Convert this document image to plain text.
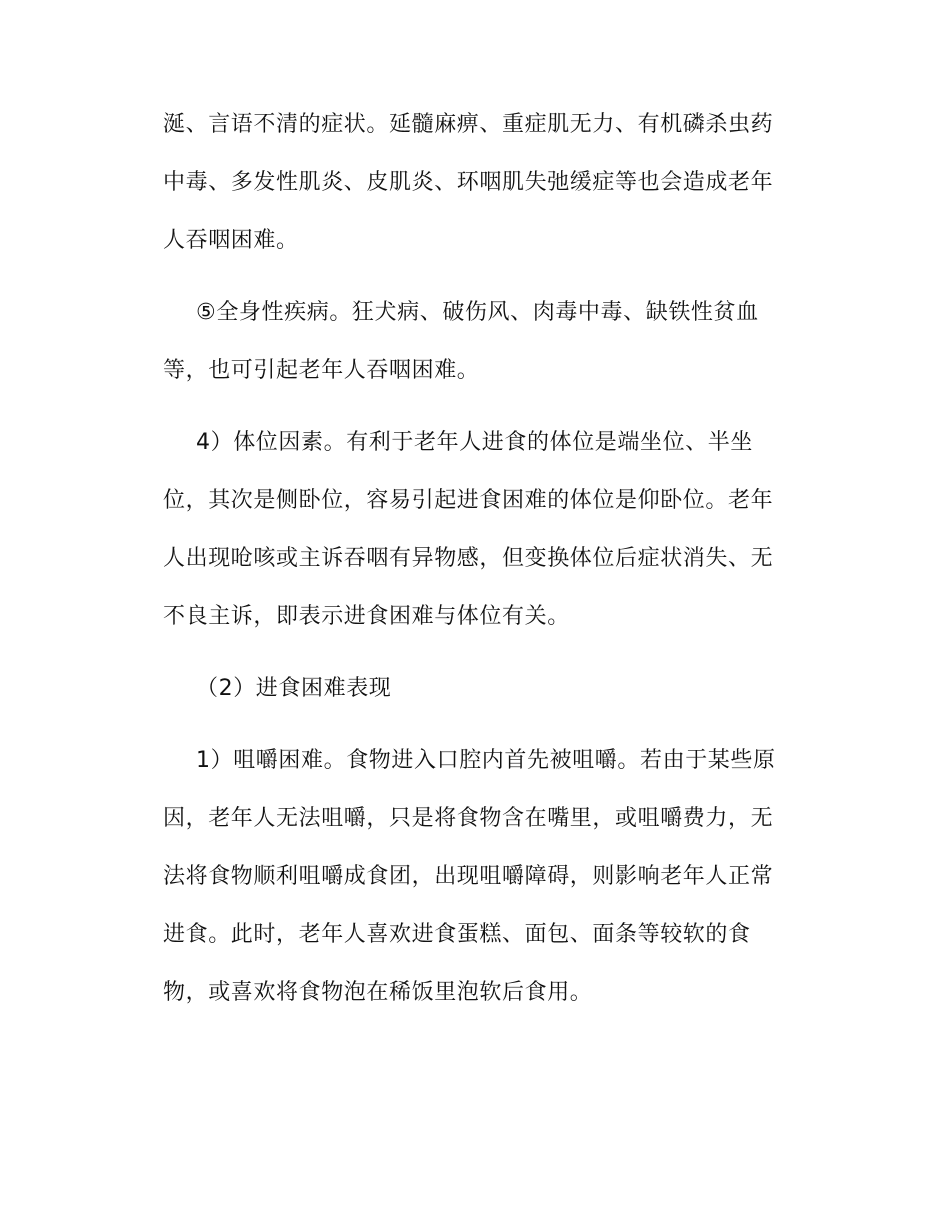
涎、言语不清的症状。延髓麻痹、重症肌无力、有机磷杀虫药
中毒、多发性肌炎、皮肌炎、环咽肌失弛缓症等也会造成老年
人吞咽困难。
⑤全身性疾病。狂犬病、破伤风、肉毒中毒、缺铁性贫血
等，也可引起老年人吞咽困难。
4）体位因素。有利于老年人进食的体位是端坐位、半坐
位，其次是侧卧位，容易引起进食困难的体位是仰卧位。老年
人出现呛咳或主诉吞咽有异物感，但变换体位后症状消失、无
不良主诉，即表示进食困难与体位有关。
（2）进食困难表现
1）咀嚼困难。食物进入口腔内首先被咀嚼。若由于某些原
因，老年人无法咀嚼，只是将食物含在嘴里，或咀嚼费力，无
法将食物顺利咀嚼成食团，出现咀嚼障碍，则影响老年人正常
进食。此时，老年人喜欢进食蛋糕、面包、面条等较软的食
物，或喜欢将食物泡在稀饭里泡软后食用。
